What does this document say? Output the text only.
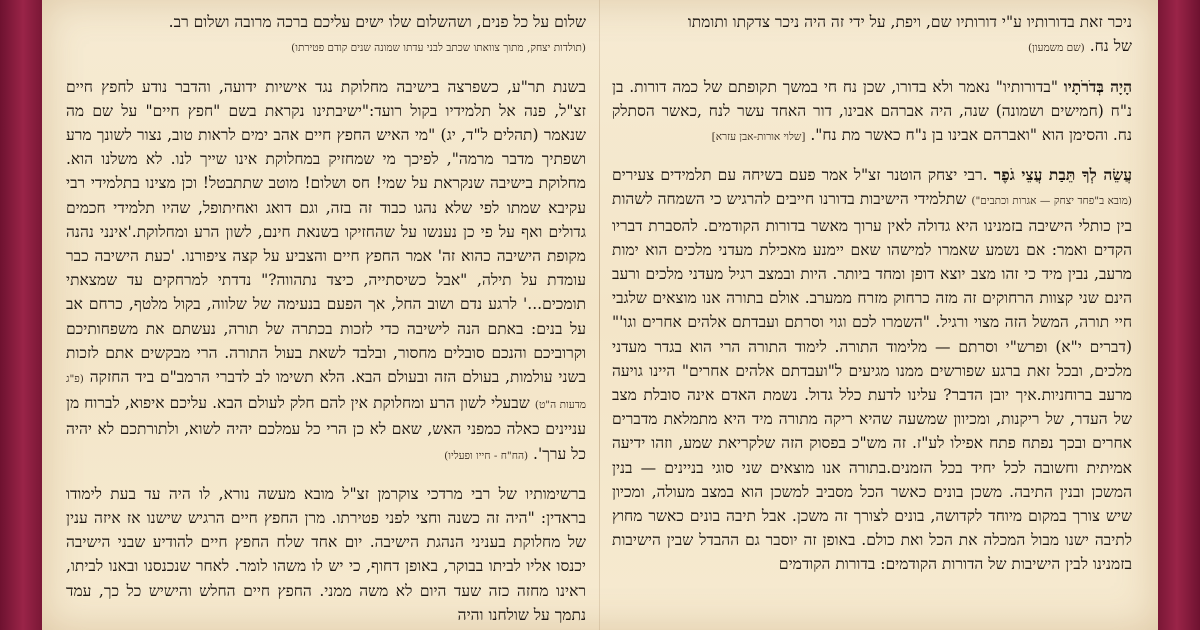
ניכר זאת בדורותיו ע"י דורותיו שם, ויפת, על ידי זה היה ניכר צדקתו ותומתו

של נח. (שם משמעון)

הָיָה בְּדֹרֹתָיו "בדורותיו" נאמר ולא בדורו, שכן נח חי במשך תקופתם של כמה דורות. בן נ"ח (חמישים ושמונה) שנה, היה אברהם אבינו, דור האחד עשר לנח ,כאשר הסתלק נח. והסימן הוא "ואברהם אבינו בן נ"ח כאשר מת נח". [שלוי אורות-אבן עזרא]

עֲשֵׂה לְךָ תֵּבַת עֲצֵי גֹפֶר .רבי יצחק הוטנר זצ"ל אמר פעם בשיחה עם תלמידים צעירים (מובא ב"פחד יצחק — אגרות וכתבים") שתלמידי הישיבות בדורנו חייבים להרגיש כי השמחה לשהות בין כותלי הישיבה בזמנינו היא גדולה לאין ערוך מאשר בדורות הקודמים. להסברת דבריו הקדים ואמר: אם נשמע שאמרו למישהו שאם יימנע מאכילת מעדני מלכים הוא ימות מרעב, נבין מיד כי זהו מצב יוצא דופן ומחד ביותר. היות ובמצב רגיל מעדני מלכים ורעב הינם שני קצוות הרחוקים זה מזה כרחוק מזרח ממערב. אולם בתורה אנו מוצאים שלגבי חיי תורה, המשל הזה מצוי ורגיל. "השמרו לכם וגוי וסרתם ועבדתם אלהים אחרים וגו'" (דברים י"א) ופרש"י וסרתם — מלימוד התורה. לימוד התורה הרי הוא בגדר מעדני מלכים, ובכל זאת ברגע שפורשים ממנו מגיעים ל"ועבדתם אלהים אחרים" היינו גויעה מרעב ברוחניות.איך יובן הדבר? עלינו לדעת כלל גדול. נשמת האדם אינה סובלת מצב של העדר, של ריקנות, ומכיוון שמשעה שהיא ריקה מתורה מיד היא מתמלאת מדברים אחרים ובכך נפתח פתח אפילו לע"ז. זה מש"כ בפסוק הזה שלקריאת שמע, וזהו ידיעה אמיתית וחשובה לכל יחיד בכל הזמנים.בתורה אנו מוצאים שני סוגי בניינים — בנין המשכן ובנין התיבה. משכן בונים כאשר הכל מסביב למשכן הוא במצב מעולה, ומכיון שיש צורך במקום מיוחד לקדושה, בונים לצורך זה משכן. אבל תיבה בונים כאשר מחוץ לתיבה ישנו מבול המכלה את הכל ואת כולם. באופן זה יוסבר גם ההבדל שבין הישיבות בזמנינו לבין הישיבות של הדורות הקודמים: בדורות הקודמים

שלום על כל פנים, ושהשלום שלו ישים עליכם ברכה מרובה ושלום רב.

(תולדות יצחק, מתוך צוואתו שכתב לבני עדתו שמונה שנים קודם פטירתו)

בשנת תר"ע, כשפרצה בישיבה מחלוקת נגד אישיות ידועה, והדבר נודע לחפץ חיים זצ"ל, פנה אל תלמידיו בקול רועד:"ישיבתינו נקראת בשם "חפץ חיים" על שם מה שנאמר (תהלים ל"ד, יג) "מי האיש החפץ חיים אהב ימים לראות טוב, נצור לשונך מרע ושפתיך מדבר מרמה", לפיכך מי שמחזיק במחלוקת אינו שייך לנו. לא משלנו הוא. מחלוקת בישיבה שנקראת על שמי! חס ושלום! מוטב שתתבטל! וכן מצינו בתלמידי רבי עקיבא שמתו לפי שלא נהגו כבוד זה בזה, וגם דואג ואחיתופל, שהיו תלמידי חכמים גדולים ואף על פי כן נענשו על שהחזיקו בשנאת חינם, לשון הרע ומחלוקת.'אינני נהנה מקופת הישיבה כהוא זה' אמר החפץ חיים והצביע על קצה ציפורנו. 'כעת הישיבה כבר עומדת על תילה, "אבל כשיסתייה, כיצד נתהווה?" נדדתי למרחקים עד שמצאתי תומכים...' לרגע נדם ושוב החל, אך הפעם בנעימה של שלווה, בקול מלטף, כרחם אב על בנים: באתם הנה לישיבה כדי לזכות בכתרה של תורה, נעשתם את משפחותיכם וקרוביכם והנכם סובלים מחסור, ובלבד לשאת בעול התורה. הרי מבקשים אתם לזכות בשני עולמות, בעולם הזה ובעולם הבא. הלא תשימו לב לדברי הרמב"ם ביד החזקה (פ"ג מדעות ה"ט) שבעלי לשון הרע ומחלוקת אין להם חלק לעולם הבא. עליכם איפוא, לברוח מן עניינים כאלה כמפני האש, שאם לא כן הרי כל עמלכם יהיה לשוא, ולתורתכם לא יהיה כל ערך'. (הח"ח - חייו ופעליו)

ברשימותיו של רבי מרדכי צוקרמן זצ"ל מובא מעשה נורא, לו היה עד בעת לימודו בראדין: "היה זה כשנה וחצי לפני פטירתו. מרן החפץ חיים הרגיש שישנו אז איזה ענין של מחלוקת בעניני הנהגת הישיבה. יום אחד שלח החפץ חיים להודיע שבני הישיבה יכנסו אליו לביתו בבוקר, באופן דחוף, כי יש לו משהו לומר. לאחר שנכנסנו ובאנו לביתו, ראינו מחזה כזה שעד היום לא משה ממני. החפץ חיים החלש והישיש כל כך, עמד נתמך על שולחנו והיה
